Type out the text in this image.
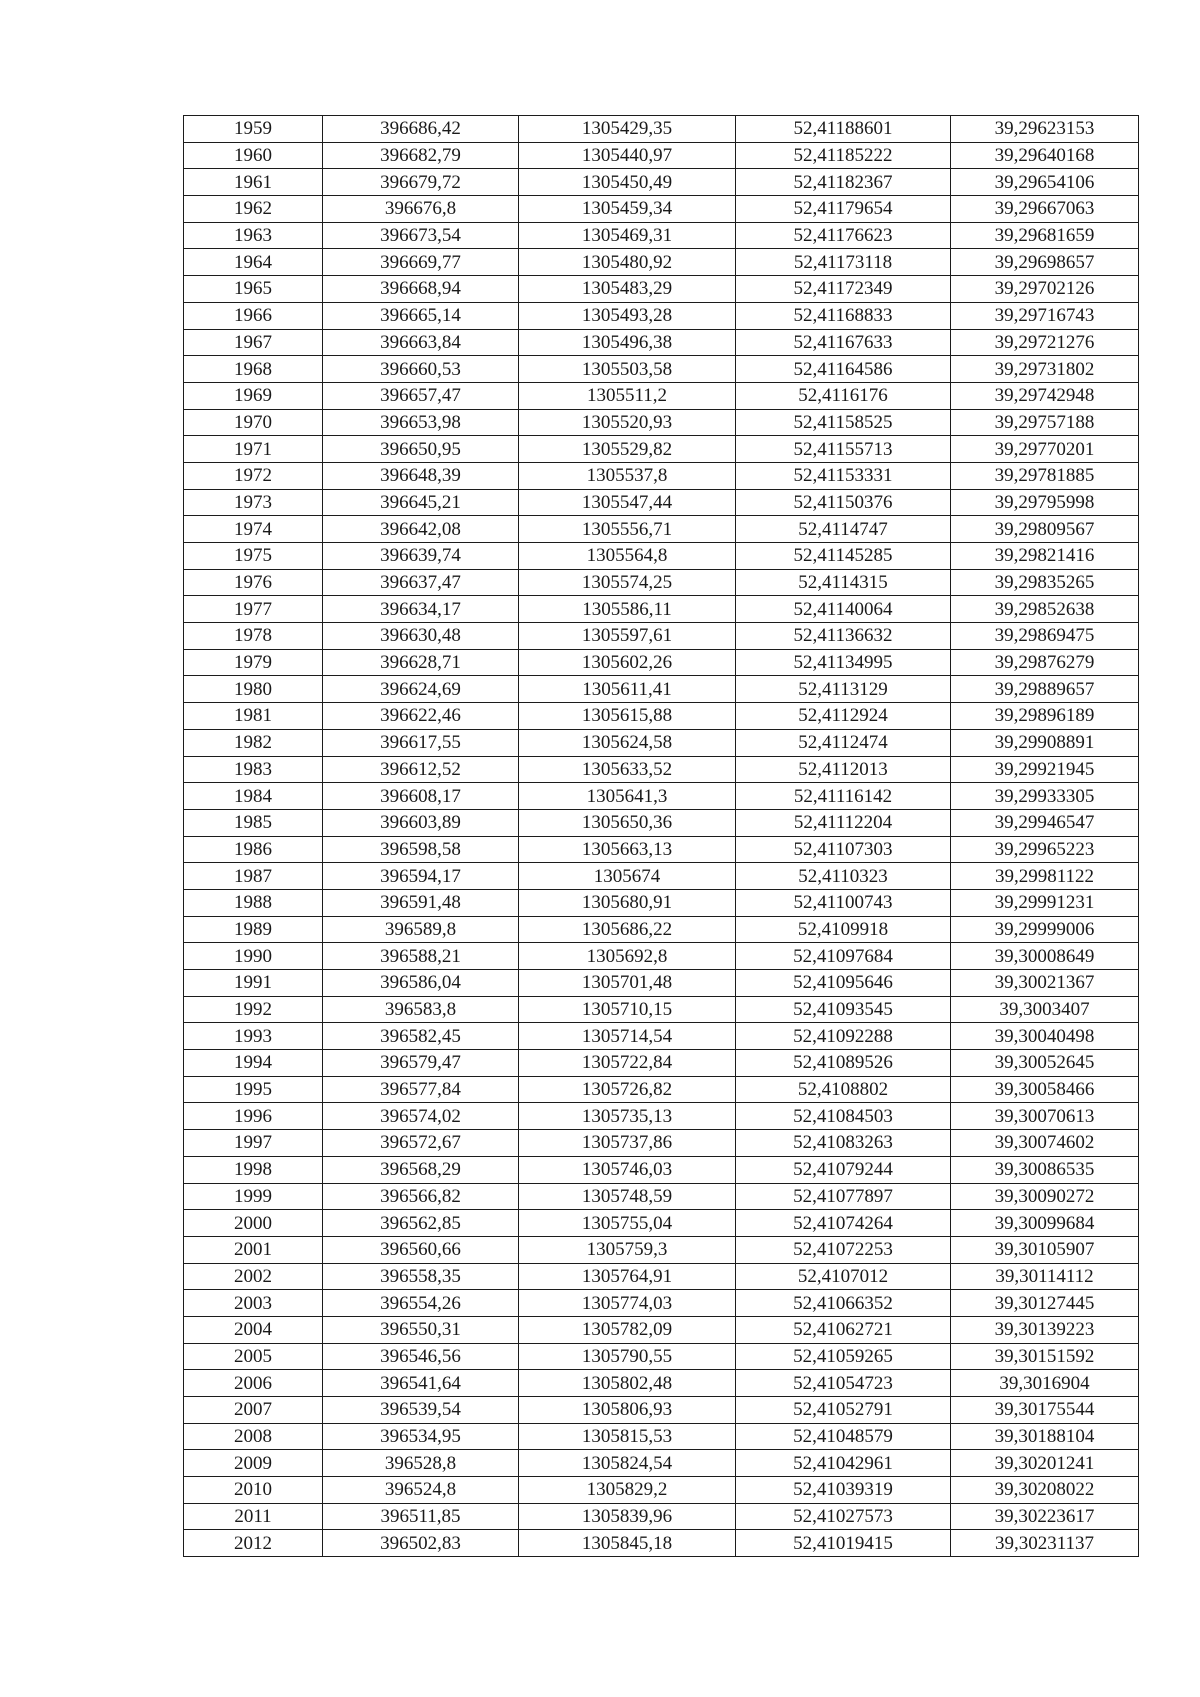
1959	396686,42	1305429,35	52,41188601	39,29623153
1960	396682,79	1305440,97	52,41185222	39,29640168
1961	396679,72	1305450,49	52,41182367	39,29654106
1962	396676,8	1305459,34	52,41179654	39,29667063
1963	396673,54	1305469,31	52,41176623	39,29681659
1964	396669,77	1305480,92	52,41173118	39,29698657
1965	396668,94	1305483,29	52,41172349	39,29702126
1966	396665,14	1305493,28	52,41168833	39,29716743
1967	396663,84	1305496,38	52,41167633	39,29721276
1968	396660,53	1305503,58	52,41164586	39,29731802
1969	396657,47	1305511,2	52,4116176	39,29742948
1970	396653,98	1305520,93	52,41158525	39,29757188
1971	396650,95	1305529,82	52,41155713	39,29770201
1972	396648,39	1305537,8	52,41153331	39,29781885
1973	396645,21	1305547,44	52,41150376	39,29795998
1974	396642,08	1305556,71	52,4114747	39,29809567
1975	396639,74	1305564,8	52,41145285	39,29821416
1976	396637,47	1305574,25	52,4114315	39,29835265
1977	396634,17	1305586,11	52,41140064	39,29852638
1978	396630,48	1305597,61	52,41136632	39,29869475
1979	396628,71	1305602,26	52,41134995	39,29876279
1980	396624,69	1305611,41	52,4113129	39,29889657
1981	396622,46	1305615,88	52,4112924	39,29896189
1982	396617,55	1305624,58	52,4112474	39,29908891
1983	396612,52	1305633,52	52,4112013	39,29921945
1984	396608,17	1305641,3	52,41116142	39,29933305
1985	396603,89	1305650,36	52,41112204	39,29946547
1986	396598,58	1305663,13	52,41107303	39,29965223
1987	396594,17	1305674	52,4110323	39,29981122
1988	396591,48	1305680,91	52,41100743	39,29991231
1989	396589,8	1305686,22	52,4109918	39,29999006
1990	396588,21	1305692,8	52,41097684	39,30008649
1991	396586,04	1305701,48	52,41095646	39,30021367
1992	396583,8	1305710,15	52,41093545	39,3003407
1993	396582,45	1305714,54	52,41092288	39,30040498
1994	396579,47	1305722,84	52,41089526	39,30052645
1995	396577,84	1305726,82	52,4108802	39,30058466
1996	396574,02	1305735,13	52,41084503	39,30070613
1997	396572,67	1305737,86	52,41083263	39,30074602
1998	396568,29	1305746,03	52,41079244	39,30086535
1999	396566,82	1305748,59	52,41077897	39,30090272
2000	396562,85	1305755,04	52,41074264	39,30099684
2001	396560,66	1305759,3	52,41072253	39,30105907
2002	396558,35	1305764,91	52,4107012	39,30114112
2003	396554,26	1305774,03	52,41066352	39,30127445
2004	396550,31	1305782,09	52,41062721	39,30139223
2005	396546,56	1305790,55	52,41059265	39,30151592
2006	396541,64	1305802,48	52,41054723	39,3016904
2007	396539,54	1305806,93	52,41052791	39,30175544
2008	396534,95	1305815,53	52,41048579	39,30188104
2009	396528,8	1305824,54	52,41042961	39,30201241
2010	396524,8	1305829,2	52,41039319	39,30208022
2011	396511,85	1305839,96	52,41027573	39,30223617
2012	396502,83	1305845,18	52,41019415	39,30231137
